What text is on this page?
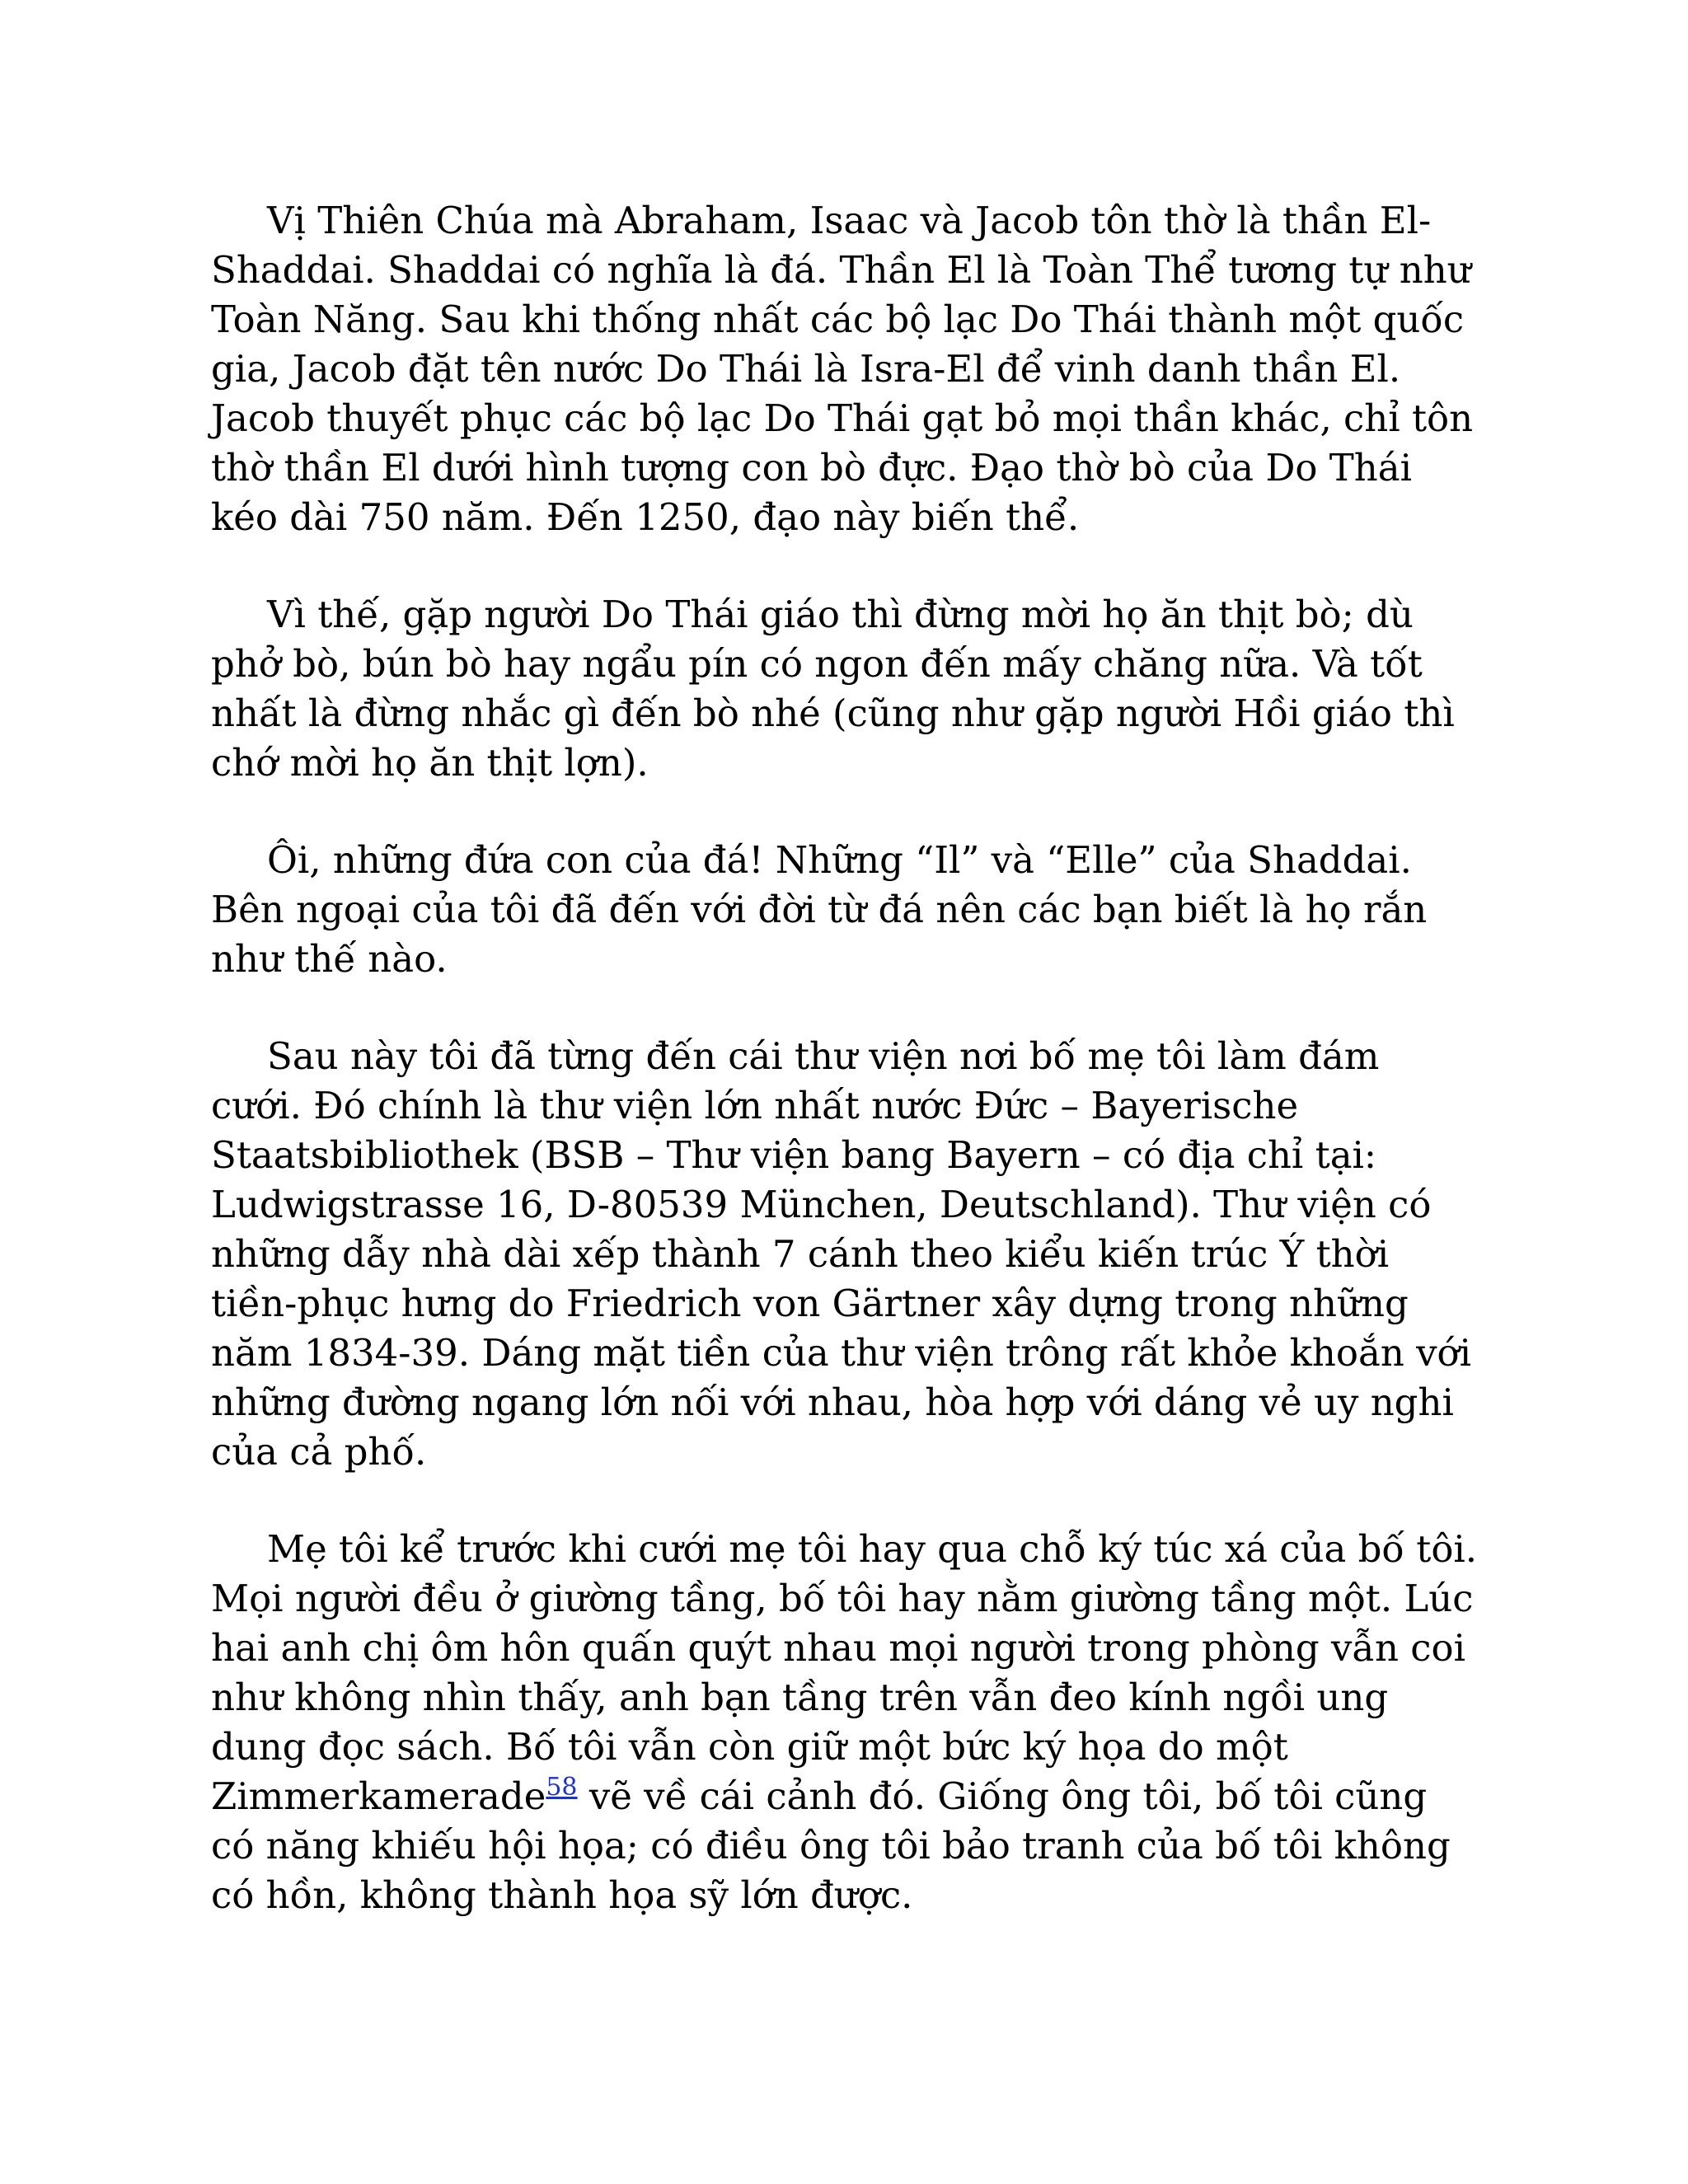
Vị Thiên Chúa mà Abraham, Isaac và Jacob tôn thờ là thần El-Shaddai. Shaddai có nghĩa là đá. Thần El là Toàn Thể tương tự như Toàn Năng. Sau khi thống nhất các bộ lạc Do Thái thành một quốc gia, Jacob đặt tên nước Do Thái là Isra-El để vinh danh thần El. Jacob thuyết phục các bộ lạc Do Thái gạt bỏ mọi thần khác, chỉ tôn thờ thần El dưới hình tượng con bò đực. Đạo thờ bò của Do Thái kéo dài 750 năm. Đến 1250, đạo này biến thể.

Vì thế, gặp người Do Thái giáo thì đừng mời họ ăn thịt bò; dù phở bò, bún bò hay ngẩu pín có ngon đến mấy chăng nữa. Và tốt nhất là đừng nhắc gì đến bò nhé (cũng như gặp người Hồi giáo thì chớ mời họ ăn thịt lợn).

Ôi, những đứa con của đá! Những “Il” và “Elle” của Shaddai. Bên ngoại của tôi đã đến với đời từ đá nên các bạn biết là họ rắn như thế nào.

Sau này tôi đã từng đến cái thư viện nơi bố mẹ tôi làm đám cưới. Đó chính là thư viện lớn nhất nước Đức – Bayerische Staatsbibliothek (BSB – Thư viện bang Bayern – có địa chỉ tại: Ludwigstrasse 16, D-80539 München, Deutschland). Thư viện có những dẫy nhà dài xếp thành 7 cánh theo kiểu kiến trúc Ý thời tiền-phục hưng do Friedrich von Gärtner xây dựng trong những năm 1834-39. Dáng mặt tiền của thư viện trông rất khỏe khoắn với những đường ngang lớn nối với nhau, hòa hợp với dáng vẻ uy nghi của cả phố.

Mẹ tôi kể trước khi cưới mẹ tôi hay qua chỗ ký túc xá của bố tôi. Mọi người đều ở giường tầng, bố tôi hay nằm giường tầng một. Lúc hai anh chị ôm hôn quấn quýt nhau mọi người trong phòng vẫn coi như không nhìn thấy, anh bạn tầng trên vẫn đeo kính ngồi ung dung đọc sách. Bố tôi vẫn còn giữ một bức ký họa do một Zimmerkamerade$^{58}$ vẽ về cái cảnh đó. Giống ông tôi, bố tôi cũng có năng khiếu hội họa; có điều ông tôi bảo tranh của bố tôi không có hồn, không thành họa sỹ lớn được.
